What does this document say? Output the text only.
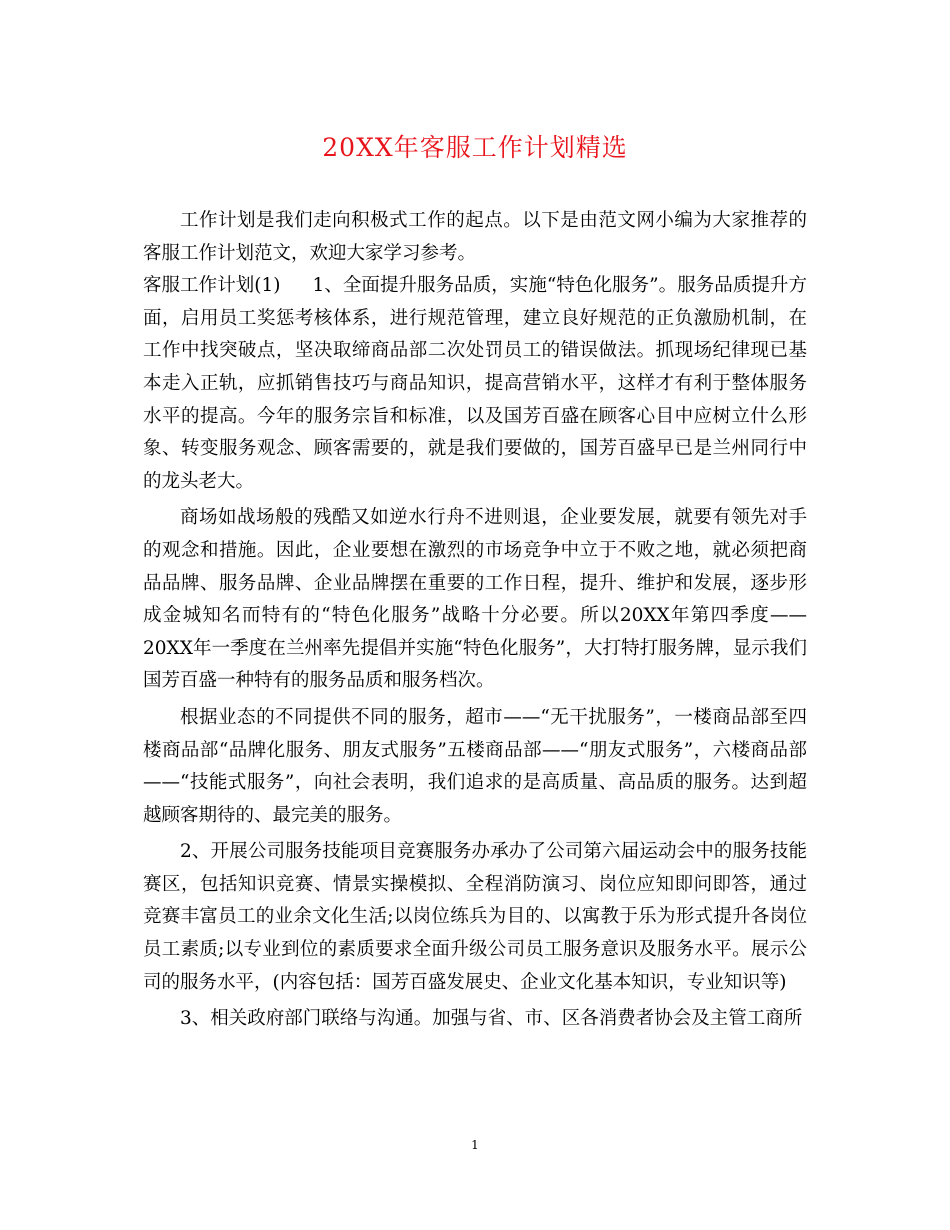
20XX年客服工作计划精选

工作计划是我们走向积极式工作的起点。以下是由范文网小编为大家推荐的客服工作计划范文，欢迎大家学习参考。

客服工作计划(1) 1、全面提升服务品质，实施“特色化服务”。服务品质提升方面，启用员工奖惩考核体系，进行规范管理，建立良好规范的正负激励机制，在工作中找突破点，坚决取缔商品部二次处罚员工的错误做法。抓现场纪律现已基本走入正轨，应抓销售技巧与商品知识，提高营销水平，这样才有利于整体服务水平的提高。今年的服务宗旨和标准，以及国芳百盛在顾客心目中应树立什么形象、转变服务观念、顾客需要的，就是我们要做的，国芳百盛早已是兰州同行中的龙头老大。

商场如战场般的残酷又如逆水行舟不进则退，企业要发展，就要有领先对手的观念和措施。因此，企业要想在激烈的市场竞争中立于不败之地，就必须把商品品牌、服务品牌、企业品牌摆在重要的工作日程，提升、维护和发展，逐步形成金城知名而特有的“特色化服务”战略十分必要。所以20XX年第四季度——20XX年一季度在兰州率先提倡并实施“特色化服务”，大打特打服务牌，显示我们国芳百盛一种特有的服务品质和服务档次。

根据业态的不同提供不同的服务，超市——“无干扰服务”，一楼商品部至四楼商品部“品牌化服务、朋友式服务”五楼商品部——“朋友式服务”，六楼商品部——“技能式服务”，向社会表明，我们追求的是高质量、高品质的服务。达到超越顾客期待的、最完美的服务。

2、开展公司服务技能项目竞赛服务办承办了公司第六届运动会中的服务技能赛区，包括知识竞赛、情景实操模拟、全程消防演习、岗位应知即问即答，通过竞赛丰富员工的业余文化生活;以岗位练兵为目的、以寓教于乐为形式提升各岗位员工素质;以专业到位的素质要求全面升级公司员工服务意识及服务水平。展示公司的服务水平，(内容包括：国芳百盛发展史、企业文化基本知识，专业知识等)

3、相关政府部门联络与沟通。加强与省、市、区各消费者协会及主管工商所

1
